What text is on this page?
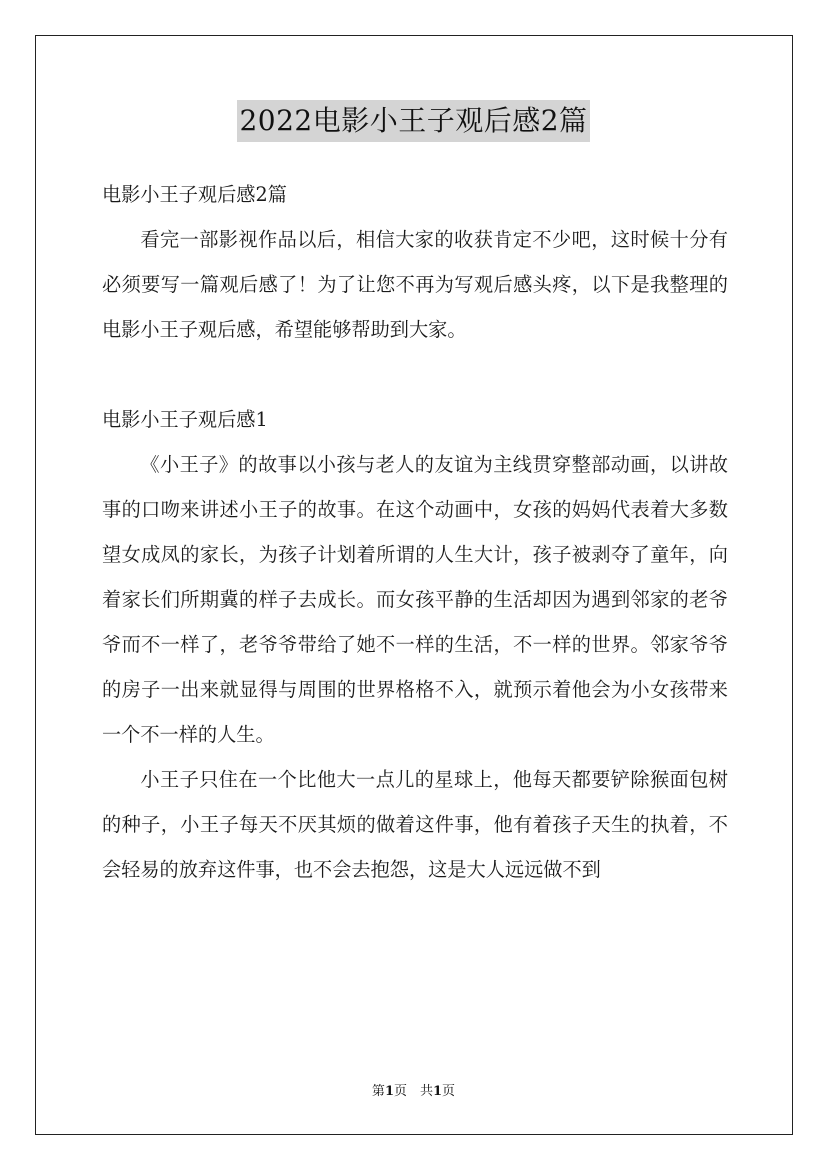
2022电影小王子观后感2篇

电影小王子观后感2篇

看完一部影视作品以后，相信大家的收获肯定不少吧，这时候十分有必须要写一篇观后感了！为了让您不再为写观后感头疼，以下是我整理的电影小王子观后感，希望能够帮助到大家。

电影小王子观后感1

《小王子》的故事以小孩与老人的友谊为主线贯穿整部动画，以讲故事的口吻来讲述小王子的故事。在这个动画中，女孩的妈妈代表着大多数望女成凤的家长，为孩子计划着所谓的人生大计，孩子被剥夺了童年，向着家长们所期冀的样子去成长。而女孩平静的生活却因为遇到邻家的老爷爷而不一样了，老爷爷带给了她不一样的生活，不一样的世界。邻家爷爷的房子一出来就显得与周围的世界格格不入，就预示着他会为小女孩带来一个不一样的人生。

小王子只住在一个比他大一点儿的星球上，他每天都要铲除猴面包树的种子，小王子每天不厌其烦的做着这件事，他有着孩子天生的执着，不会轻易的放弃这件事，也不会去抱怨，这是大人远远做不到

第1页　共1页
